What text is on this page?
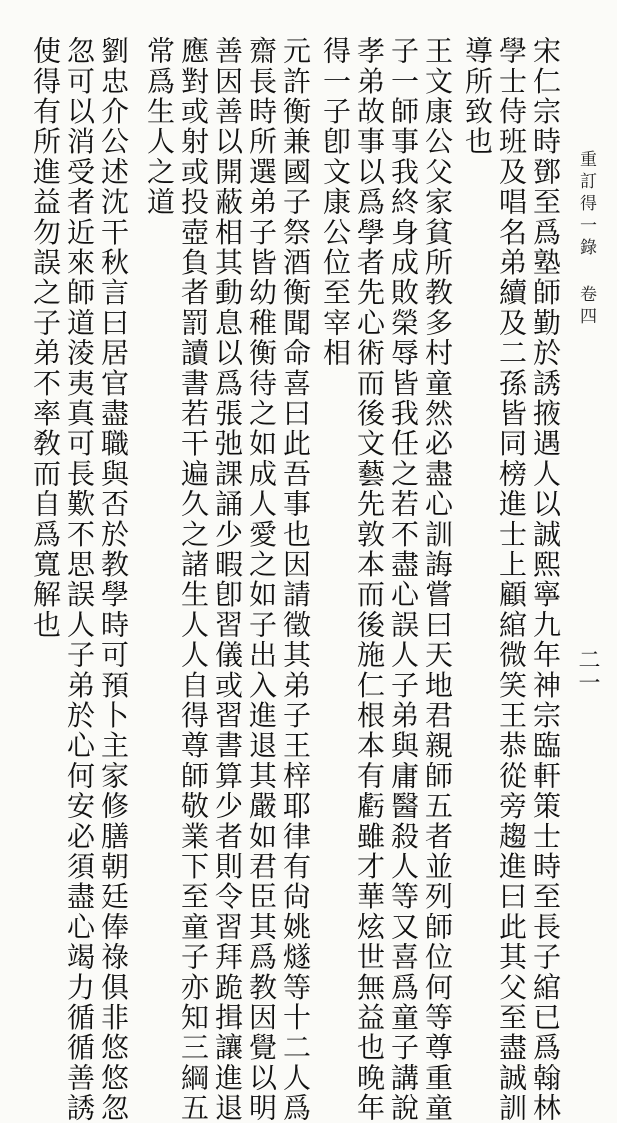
重訂得一錄 卷四
二一
宋仁宗時鄧至爲塾師勤於誘掖遇人以誠熙寧九年神宗臨軒策士時至長子綰已爲翰林
學士侍班及唱名弟續及二孫皆同榜進士上顧綰微笑王恭從旁趨進曰此其父至盡誠訓
導所致也
王文康公父家貧所教多村童然必盡心訓誨嘗曰天地君親師五者並列師位何等尊重童
子一師事我終身成敗榮辱皆我任之若不盡心誤人子弟與庸醫殺人等又喜爲童子講說
孝弟故事以爲學者先心術而後文藝先敦本而後施仁根本有虧雖才華炫世無益也晚年
得一子卽文康公位至宰相
元許衡兼國子祭酒衡聞命喜曰此吾事也因請徵其弟子王梓耶律有尙姚燧等十二人爲
齋長時所選弟子皆幼稚衡待之如成人愛之如子出入進退其嚴如君臣其爲教因覺以明
善因善以開蔽相其動息以爲張弛課誦少暇卽習儀或習書算少者則令習拜跪揖讓進退
應對或射或投壺負者罰讀書若干遍久之諸生人人自得尊師敬業下至童子亦知三綱五
常爲生人之道
劉忠介公述沈干秋言曰居官盡職與否於教學時可預卜主家修膳朝廷俸祿俱非悠悠忽
忽可以消受者近來師道淩夷真可長歎不思誤人子弟於心何安必須盡心竭力循循善誘
使得有所進益勿誤之子弟不率敎而自爲寬解也
